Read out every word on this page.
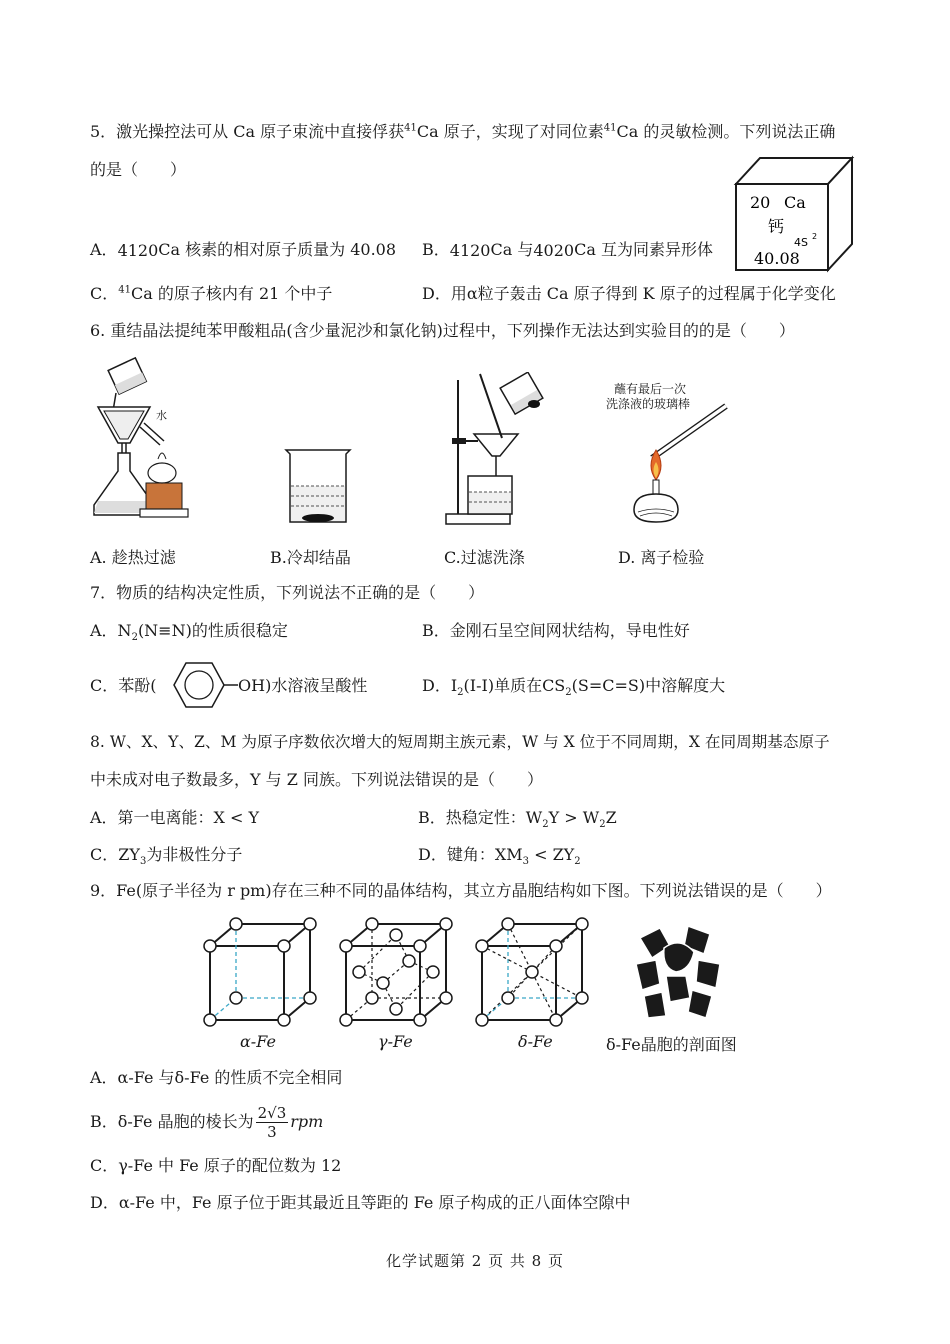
5．激光操控法可从 Ca 原子束流中直接俘获$^{41}$Ca 原子，实现了对同位素$^{41}$Ca 的灵敏检测。下列说法正确
的是（　　）
20 Ca
钙
4S 2
40.08
A．4120Ca 核素的相对原子质量为 40.08 B．4120Ca 与4020Ca 互为同素异形体
C．$^{41}$Ca 的原子核内有 21 个中子	D．用α粒子轰击 Ca 原子得到 K 原子的过程属于化学变化
6. 重结晶法提纯苯甲酸粗品(含少量泥沙和氯化钠)过程中，下列操作无法达到实验目的的是（　　）
水
蘸有最后一次
洗涤液的玻璃棒
A. 趁热过滤	B.冷却结晶	C.过滤洗涤	D. 离子检验
7．物质的结构决定性质，下列说法不正确的是（　　）
A．$N_2(N\equiv N)$的性质很稳定	B．金刚石呈空间网状结构，导电性好
C．苯酚(	OH)水溶液呈酸性	D．$I_2(I-I)$单质在$CS_2(S=C=S)$中溶解度大
8. W、X、Y、Z、M 为原子序数依次增大的短周期主族元素，W 与 X 位于不同周期，X 在同周期基态原子
中未成对电子数最多，Y 与 Z 同族。下列说法错误的是（　　）
A．第一电离能：X < Y	B．热稳定性：$W_2Y > W_2Z$
C．$ZY_3$为非极性分子	D．键角：$XM_3 < ZY_2$
9．Fe(原子半径为 r pm)存在三种不同的晶体结构，其立方晶胞结构如下图。下列说法错误的是（　　）
α-Fe	γ-Fe	δ-Fe	δ-Fe晶胞的剖面图
A．α-Fe 与δ-Fe 的性质不完全相同
B．δ-Fe 晶胞的棱长为 $\frac{2√3}{3}$ rpm
C．γ-Fe 中 Fe 原子的配位数为 12
D．α-Fe 中，Fe 原子位于距其最近且等距的 Fe 原子构成的正八面体空隙中
化学试题第 2 页 共 8 页
